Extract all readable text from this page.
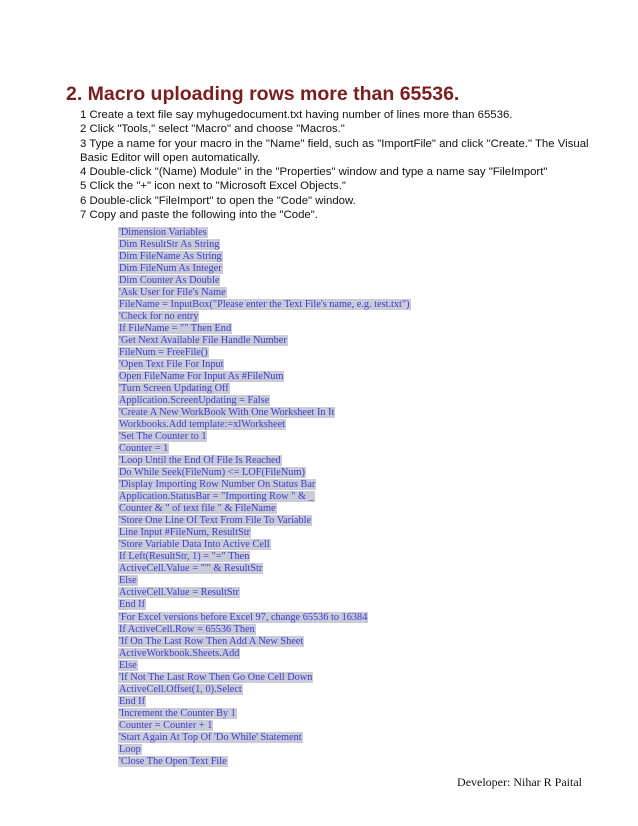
2. Macro uploading rows more than 65536.
1 Create a text file say myhugedocument.txt having number of lines more than 65536.
2 Click "Tools," select "Macro" and choose "Macros."
3 Type a name for your macro in the "Name" field, such as "ImportFile" and click "Create." The Visual Basic Editor will open automatically.
4 Double-click "(Name) Module" in the "Properties" window and type a name say "FileImport"
5 Click the "+" icon next to "Microsoft Excel Objects."
6 Double-click "FileImport" to open the "Code" window.
7 Copy and paste the following into the "Code".
'Dimension Variables
Dim ResultStr As String
Dim FileName As String
Dim FileNum As Integer
Dim Counter As Double
'Ask User for File's Name
FileName = InputBox("Please enter the Text File's name, e.g. test.txt")
'Check for no entry
If FileName = "" Then End
'Get Next Available File Handle Number
FileNum = FreeFile()
'Open Text File For Input
Open FileName For Input As #FileNum
'Turn Screen Updating Off
Application.ScreenUpdating = False
'Create A New WorkBook With One Worksheet In It
Workbooks.Add template:=xlWorksheet
'Set The Counter to 1
Counter = 1
'Loop Until the End Of File Is Reached
Do While Seek(FileNum) <= LOF(FileNum)
'Display Importing Row Number On Status Bar
Application.StatusBar = "Importing Row " & _
Counter & " of text file " & FileName
'Store One Line Of Text From File To Variable
Line Input #FileNum, ResultStr
'Store Variable Data Into Active Cell
If Left(ResultStr, 1) = "=" Then
ActiveCell.Value = "'" & ResultStr
Else
ActiveCell.Value = ResultStr
End If
'For Excel versions before Excel 97, change 65536 to 16384
If ActiveCell.Row = 65536 Then
'If On The Last Row Then Add A New Sheet
ActiveWorkbook.Sheets.Add
Else
'If Not The Last Row Then Go One Cell Down
ActiveCell.Offset(1, 0).Select
End If
'Increment the Counter By 1
Counter = Counter + 1
'Start Again At Top Of 'Do While' Statement
Loop
'Close The Open Text File
Developer: Nihar R Paital
